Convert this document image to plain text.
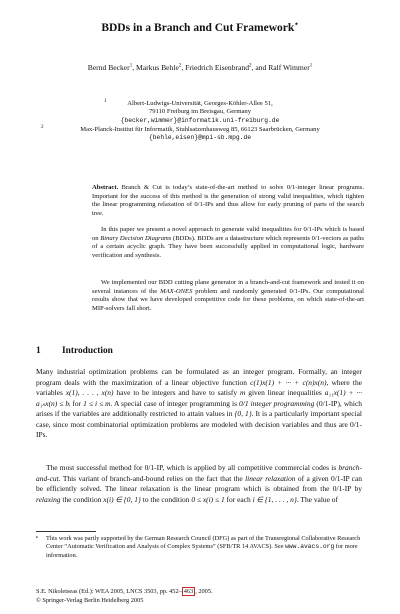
BDDs in a Branch and Cut Framework⋆
Bernd Becker$^1$, Markus Behle$^2$, Friedrich Eisenbrand$^2$, and Ralf Wimmer$^1$
1	Albert-Ludwigs-Universität, Georges-Köhler-Allee 51,
79110 Freiburg im Breisgau, Germany
{becker,wimmer}@informatik.uni-freiburg.de
2	Max-Planck-Institut für Informatik, Stuhlsatzenhausweg 85, 66123 Saarbrücken, Germany
{behle,eisen}@mpi-sb.mpg.de
Abstract. Branch & Cut is today’s state-of-the-art method to solve 0/1-integer linear programs. Important for the success of this method is the generation of strong valid inequalities, which tighten the linear programming relaxation of 0/1-IPs and thus allow for early pruning of parts of the search tree.
In this paper we present a novel approach to generate valid inequalities for 0/1-IPs which is based on Binary Decision Diagrams (BDDs). BDDs are a datastructure which represents 0/1-vectors as paths of a certain acyclic graph. They have been successfully applied in computational logic, hardware verification and synthesis.
We implemented our BDD cutting plane generator in a branch-and-cut framework and tested it on several instances of the MAX-ONES problem and randomly generated 0/1-IPs. Our computational results show that we have developed competitive code for these problems, on which state-of-the-art MIP-solvers fall short.
1 Introduction
Many industrial optimization problems can be formulated as an integer program. Formally, an integer program deals with the maximization of a linear objective function c(1)x(1) + ··· + c(n)x(n), where the variables x(1), . . . , x(n) have to be integers and have to satisfy m given linear inequalities a₁₁x(1) + ··· a₁ₙx(n) ≤ bᵢ for 1 ≤ i ≤ m. A special case of integer programming is 0/1 integer programming (0/1-IP), which arises if the variables are additionally restricted to attain values in {0, 1}. It is a particularly important special case, since most combinatorial optimization problems are modeled with decision variables and thus are 0/1-IPs.
The most successful method for 0/1-IP, which is applied by all competitive commercial codes is branch-and-cut. This variant of branch-and-bound relies on the fact that the linear relaxation of a given 0/1-IP can be efficiently solved. The linear relaxation is the linear program which is obtained from the 0/1-IP by relaxing the condition x(i) ∈ {0, 1} to the condition 0 ≤ x(i) ≤ 1 for each i ∈ {1, . . . , n}. The value of
⋆ This work was partly supported by the German Research Council (DFG) as part of the Transregional Collaborative Research Center “Automatic Verification and Analysis of Complex Systems” (SFB/TR 14 AVACS). See www.avacs.org for more information.
S.E. Nikoletseas (Ed.): WEA 2005, LNCS 3503, pp. 452– 463 , 2005.
© Springer-Verlag Berlin Heidelberg 2005
